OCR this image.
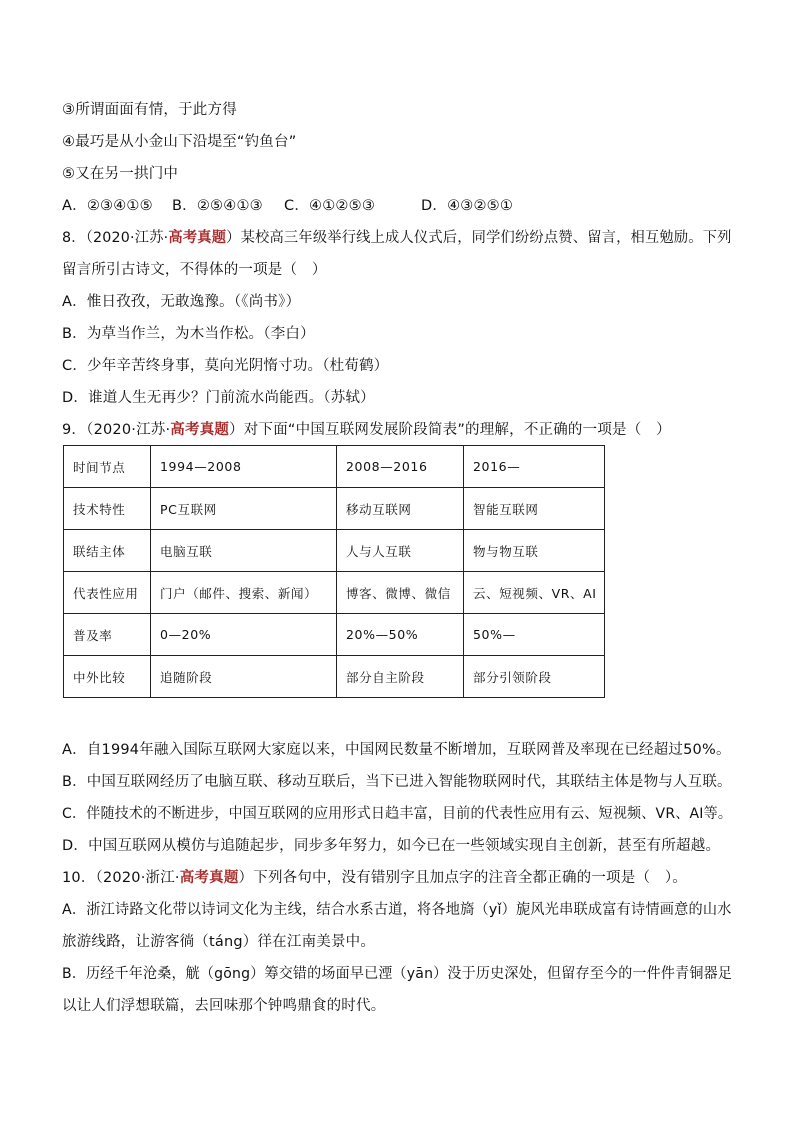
③所谓面面有情，于此方得
④最巧是从小金山下沿堤至“钓鱼台”
⑤又在另一拱门中
A．②③④①⑤ B．②⑤④①③ C．④①②⑤③	D．④③②⑤①
8．（2020·江苏·高考真题）某校高三年级举行线上成人仪式后，同学们纷纷点赞、留言，相互勉励。下列
留言所引古诗文，不得体的一项是（　）
A．惟日孜孜，无敢逸豫。（《尚书》）
B．为草当作兰，为木当作松。（李白）
C．少年辛苦终身事，莫向光阴惰寸功。（杜荀鹤）
D．谁道人生无再少？门前流水尚能西。（苏轼）
9．（2020·江苏·高考真题）对下面“中国互联网发展阶段简表”的理解，不正确的一项是（　）
时间节点	1994—2008	2008—2016	2016—
技术特性	PC互联网	移动互联网	智能互联网
联结主体	电脑互联	人与人互联	物与物互联
代表性应用	门户（邮件、搜索、新闻）	博客、微博、微信	云、短视频、VR、AI
普及率	0—20%	20%—50%	50%—
中外比较	追随阶段	部分自主阶段	部分引领阶段
A．自1994年融入国际互联网大家庭以来，中国网民数量不断增加，互联网普及率现在已经超过50%。
B．中国互联网经历了电脑互联、移动互联后，当下已进入智能物联网时代，其联结主体是物与人互联。
C．伴随技术的不断进步，中国互联网的应用形式日趋丰富，目前的代表性应用有云、短视频、VR、AI等。
D．中国互联网从模仿与追随起步，同步多年努力，如今已在一些领域实现自主创新，甚至有所超越。
10．（2020·浙江·高考真题）下列各句中，没有错别字且加点字的注音全都正确的一项是（　）。
A．浙江诗路文化带以诗词文化为主线，结合水系古道，将各地旖（yǐ）旎风光串联成富有诗情画意的山水
旅游线路，让游客徜（táng）徉在江南美景中。
B．历经千年沧桑，觥（gōng）筹交错的场面早已湮（yān）没于历史深处，但留存至今的一件件青铜器足
以让人们浮想联篇，去回味那个钟鸣鼎食的时代。
